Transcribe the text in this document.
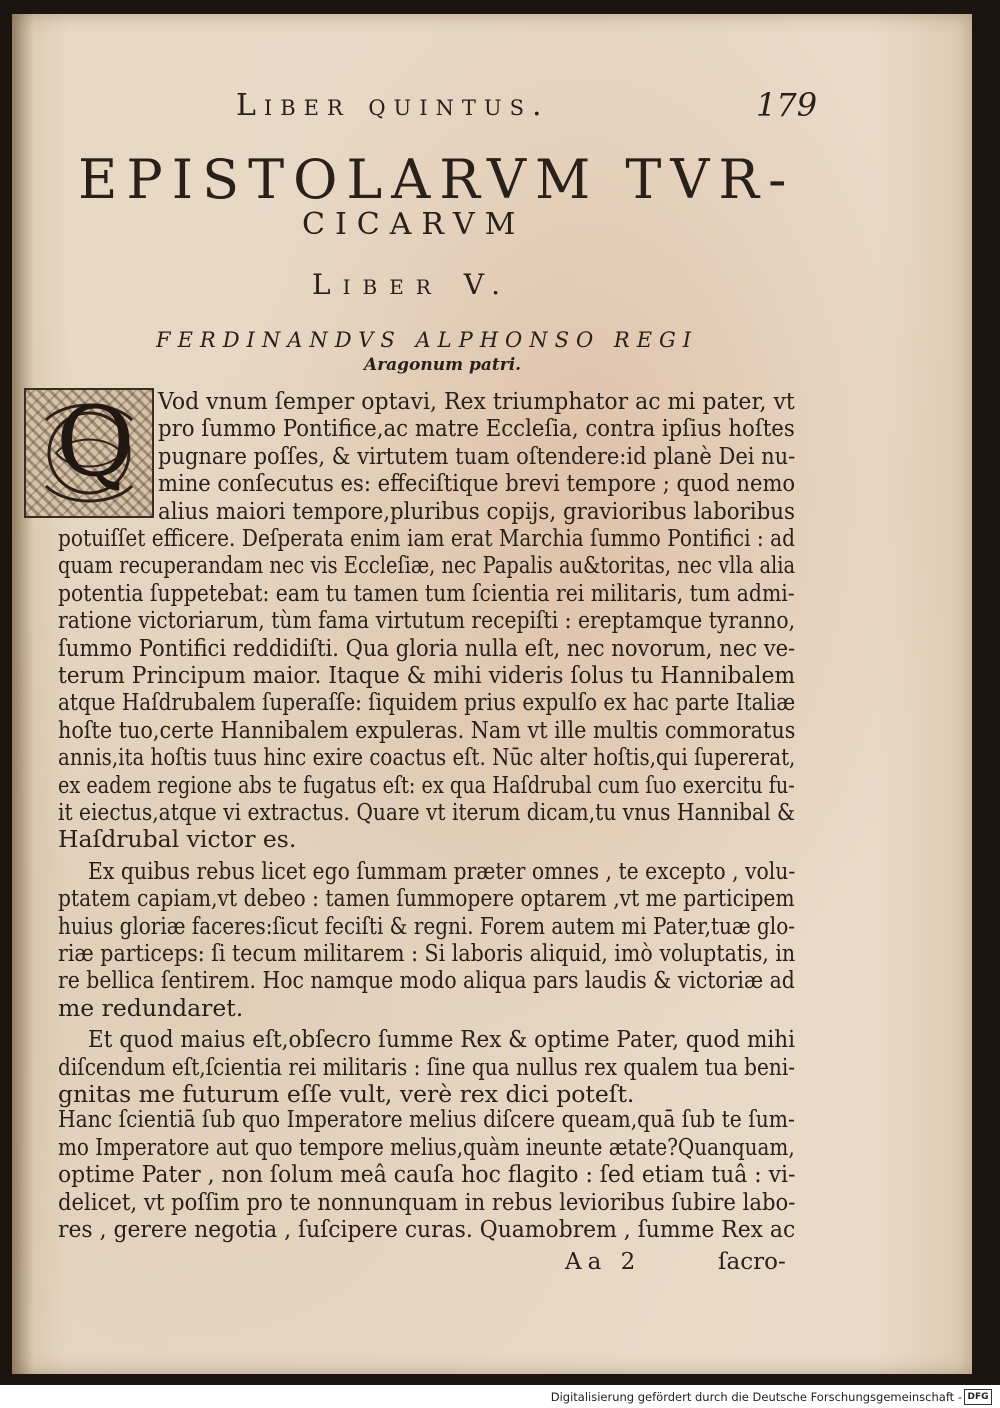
Liber quintus.	179
EPISTOLARVM TVR-
CICARVM
Liber V.
FERDINANDVS ALPHONSO REGI
Aragonum patri.
Q Vod vnum ſemper optavi, Rex triumphator ac mi pater, vt
pro ſummo Pontifice,ac matre Eccleſia, contra ipſius hoſtes
pugnare poſſes, & virtutem tuam oſtendere:id planè Dei nu-
mine conſecutus es: effeciſtique brevi tempore ; quod nemo
alius maiori tempore,pluribus copijs, gravioribus laboribus
potuiſſet efficere. Deſperata enim iam erat Marchia ſummo Pontifici : ad
quam recuperandam nec vis Eccleſiæ, nec Papalis au&toritas, nec vlla alia
potentia ſuppetebat: eam tu tamen tum ſcientia rei militaris, tum admi-
ratione victoriarum, tùm fama virtutum recepiſti : ereptamque tyranno,
ſummo Pontifici reddidiſti. Qua gloria nulla eſt, nec novorum, nec ve-
terum Principum maior. Itaque & mihi videris ſolus tu Hannibalem
atque Haſdrubalem ſuperaſſe: ſiquidem prius expulſo ex hac parte Italiæ
hoſte tuo,certe Hannibalem expuleras. Nam vt ille multis commoratus
annis,ita hoſtis tuus hinc exire coactus eſt. Nūc alter hoſtis,qui ſupererat,
ex eadem regione abs te fugatus eſt: ex qua Haſdrubal cum ſuo exercitu fu-
it eiectus,atque vi extractus. Quare vt iterum dicam,tu vnus Hannibal &
Haſdrubal victor es.
Ex quibus rebus licet ego ſummam præter omnes , te excepto , volu-
ptatem capiam,vt debeo : tamen ſummopere optarem ,vt me participem
huius gloriæ faceres:ſicut feciſti & regni. Forem autem mi Pater,tuæ glo-
riæ particeps: ſi tecum militarem : Si laboris aliquid, imò voluptatis, in
re bellica ſentirem. Hoc namque modo aliqua pars laudis & victoriæ ad
me redundaret.
Et quod maius eſt,obſecro ſumme Rex & optime Pater, quod mihi
diſcendum eſt,ſcientia rei militaris : ſine qua nullus rex qualem tua beni-
gnitas me futurum eſſe vult, verè rex dici poteſt.
Hanc ſcientiā ſub quo Imperatore melius diſcere queam,quā ſub te ſum-
mo Imperatore aut quo tempore melius,quàm ineunte ætate?Quanquam,
optime Pater , non ſolum meâ cauſa hoc flagito : ſed etiam tuâ : vi-
delicet, vt poſſim pro te nonnunquam in rebus levioribus ſubire labo-
res , gerere negotia , ſuſcipere curas. Quamobrem , ſumme Rex ac
Aa 2	ſacro-
Digitalisierung gefördert durch die Deutsche Forschungsgemeinschaft - DFG
